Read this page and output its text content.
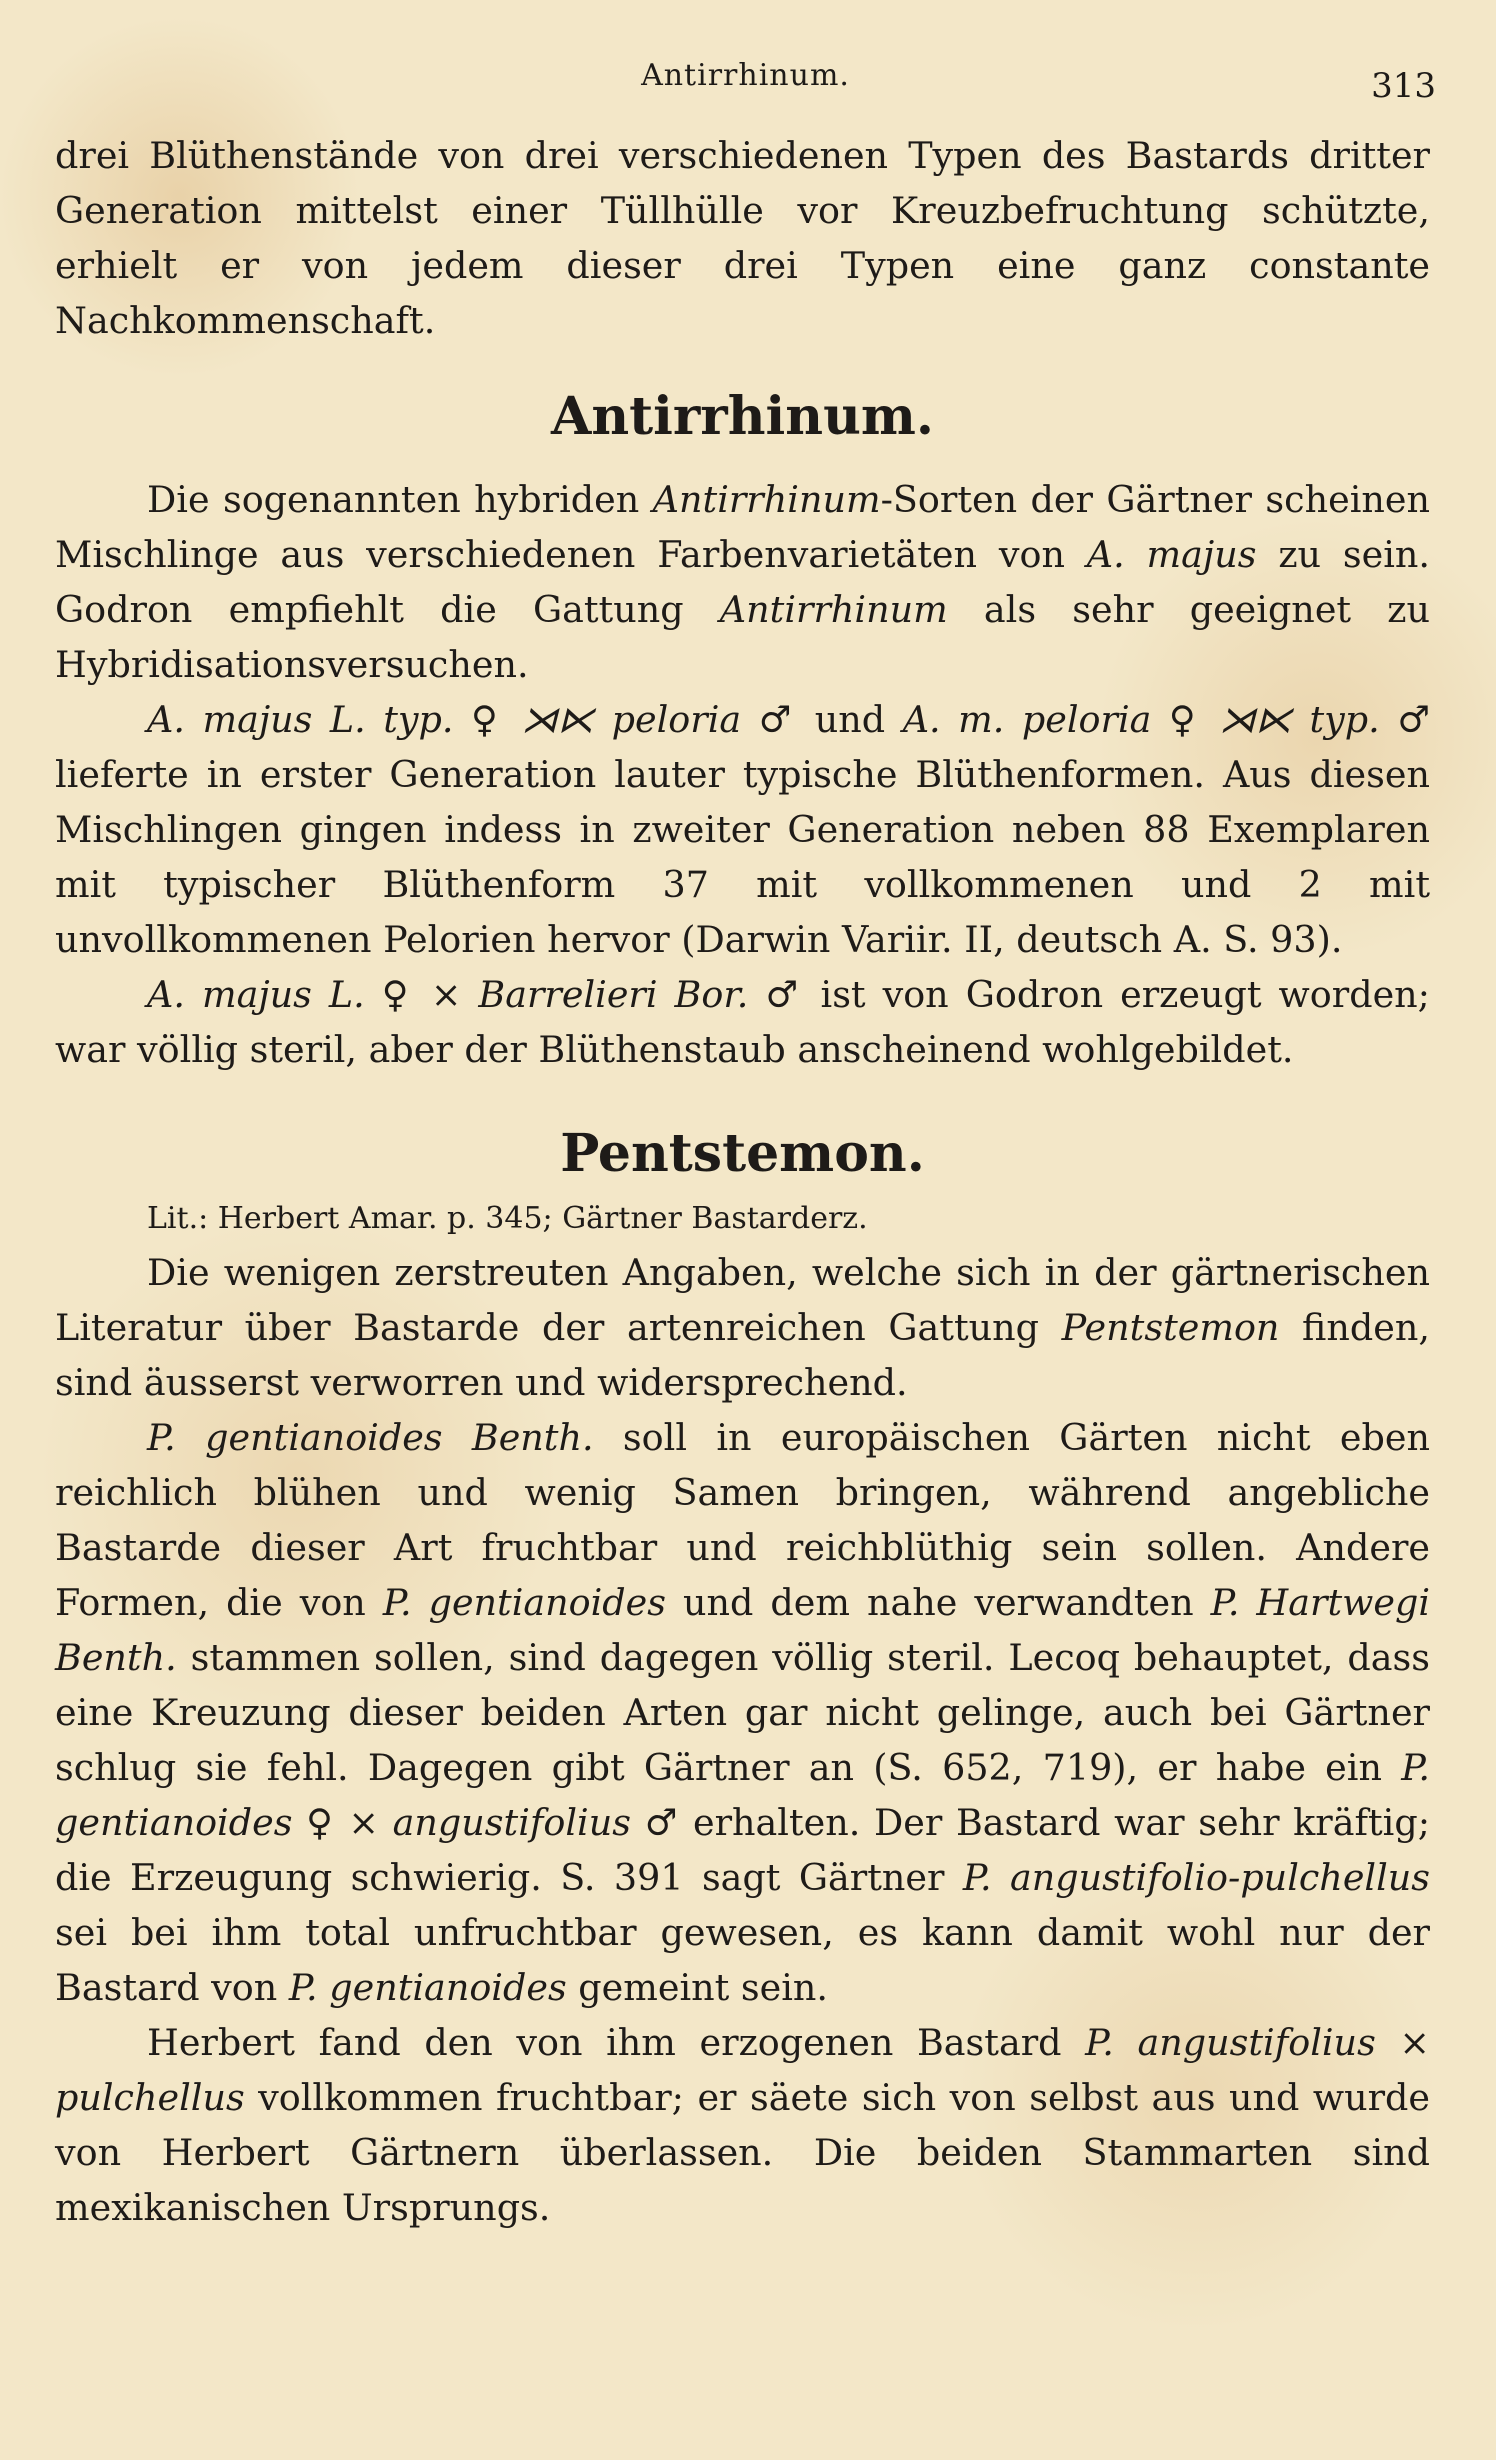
Antirrhinum.	313

drei Blüthenstände von drei verschiedenen Typen des Bastards dritter Generation mittelst einer Tüllhülle vor Kreuzbefruchtung schützte, erhielt er von jedem dieser drei Typen eine ganz constante Nachkommenschaft.

Antirrhinum.

Die sogenannten hybriden Antirrhinum-Sorten der Gärtner scheinen Mischlinge aus verschiedenen Farbenvarietäten von A. majus zu sein. Godron empfiehlt die Gattung Antirrhinum als sehr geeignet zu Hybridisationsversuchen.

A. majus L. typ. ♀ ⋊⋉ peloria ♂ und A. m. peloria ♀ ⋊⋉ typ. ♂ lieferte in erster Generation lauter typische Blüthenformen. Aus diesen Mischlingen gingen indess in zweiter Generation neben 88 Exemplaren mit typischer Blüthenform 37 mit vollkommenen und 2 mit unvollkommenen Pelorien hervor (Darwin Variir. II, deutsch A. S. 93).

A. majus L. ♀ × Barrelieri Bor. ♂ ist von Godron erzeugt worden; war völlig steril, aber der Blüthenstaub anscheinend wohlgebildet.

Pentstemon.

Lit.: Herbert Amar. p. 345; Gärtner Bastarderz.

Die wenigen zerstreuten Angaben, welche sich in der gärtnerischen Literatur über Bastarde der artenreichen Gattung Pentstemon finden, sind äusserst verworren und widersprechend.

P. gentianoides Benth. soll in europäischen Gärten nicht eben reichlich blühen und wenig Samen bringen, während angebliche Bastarde dieser Art fruchtbar und reichblüthig sein sollen. Andere Formen, die von P. gentianoides und dem nahe verwandten P. Hartwegi Benth. stammen sollen, sind dagegen völlig steril. Lecoq behauptet, dass eine Kreuzung dieser beiden Arten gar nicht gelinge, auch bei Gärtner schlug sie fehl. Dagegen gibt Gärtner an (S. 652, 719), er habe ein P. gentianoides ♀ × angustifolius ♂ erhalten. Der Bastard war sehr kräftig; die Erzeugung schwierig. S. 391 sagt Gärtner P. angustifolio-pulchellus sei bei ihm total unfruchtbar gewesen, es kann damit wohl nur der Bastard von P. gentianoides gemeint sein.

Herbert fand den von ihm erzogenen Bastard P. angustifolius × pulchellus vollkommen fruchtbar; er säete sich von selbst aus und wurde von Herbert Gärtnern überlassen. Die beiden Stammarten sind mexikanischen Ursprungs.
